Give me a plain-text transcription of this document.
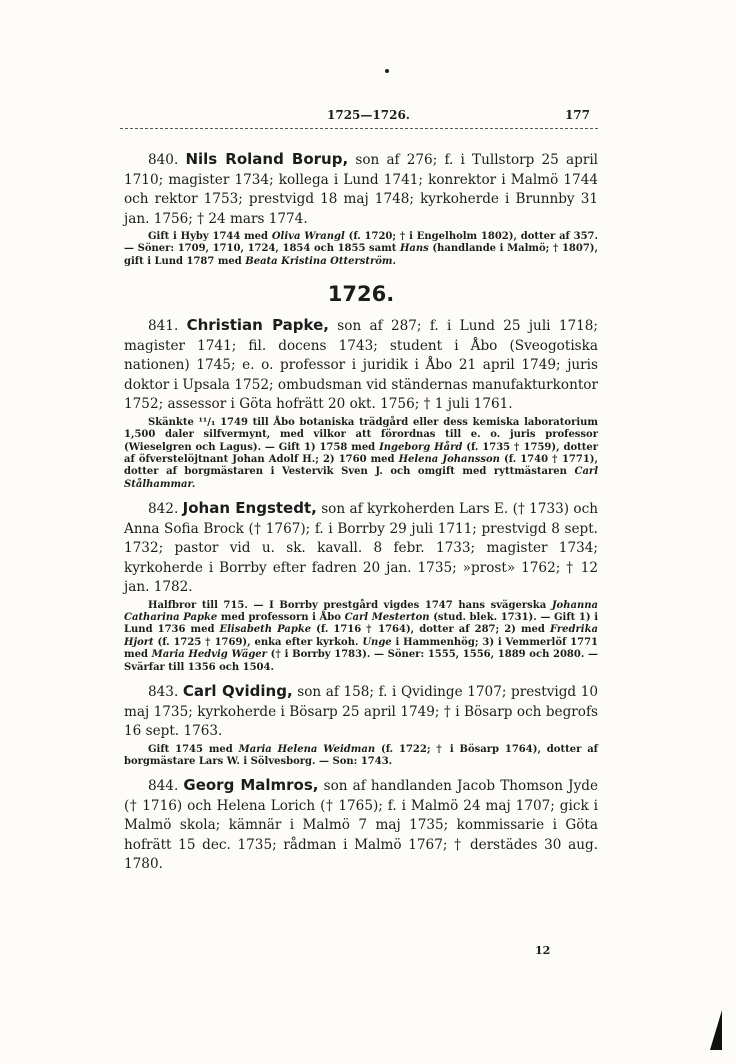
1725—1726.	177

840. Nils Roland Borup, son af 276; f. i Tullstorp 25 april 1710; magister 1734; kollega i Lund 1741; konrektor i Malmö 1744 och rektor 1753; prestvigd 18 maj 1748; kyrkoherde i Brunnby 31 jan. 1756; † 24 mars 1774.

Gift i Hyby 1744 med Oliva Wrangl (f. 1720; † i Engelholm 1802), dotter af 357. — Söner: 1709, 1710, 1724, 1854 och 1855 samt Hans (handlande i Malmö; † 1807), gift i Lund 1787 med Beata Kristina Otterström.

1726.

841. Christian Papke, son af 287; f. i Lund 25 juli 1718; magister 1741; fil. docens 1743; student i Åbo (Sveogotiska nationen) 1745; e. o. professor i juridik i Åbo 21 april 1749; juris doktor i Upsala 1752; ombudsman vid ständernas manufakturkontor 1752; assessor i Göta hofrätt 20 okt. 1756; † 1 juli 1761.

Skänkte ¹¹/₁ 1749 till Åbo botaniska trädgård eller dess kemiska laboratorium 1,500 daler silfvermynt, med vilkor att förordnas till e. o. juris professor (Wieselgren och Lagus). — Gift 1) 1758 med Ingeborg Hård (f. 1735 † 1759), dotter af öfverstelöjtnant Johan Adolf H.; 2) 1760 med Helena Johansson (f. 1740 † 1771), dotter af borgmästaren i Vestervik Sven J. och omgift med ryttmästaren Carl Stålhammar.

842. Johan Engstedt, son af kyrkoherden Lars E. († 1733) och Anna Sofia Brock († 1767); f. i Borrby 29 juli 1711; prestvigd 8 sept. 1732; pastor vid u. sk. kavall. 8 febr. 1733; magister 1734; kyrkoherde i Borrby efter fadren 20 jan. 1735; »prost» 1762; † 12 jan. 1782.

Halfbror till 715. — I Borrby prestgård vigdes 1747 hans svägerska Johanna Catharina Papke med professorn i Åbo Carl Mesterton (stud. blek. 1731). — Gift 1) i Lund 1736 med Elisabeth Papke (f. 1716 † 1764), dotter af 287; 2) med Fredrika Hjort (f. 1725 † 1769), enka efter kyrkoh. Unge i Hammenhög; 3) i Vemmerlöf 1771 med Maria Hedvig Wäger († i Borrby 1783). — Söner: 1555, 1556, 1889 och 2080. — Svärfar till 1356 och 1504.

843. Carl Qviding, son af 158; f. i Qvidinge 1707; prestvigd 10 maj 1735; kyrkoherde i Bösarp 25 april 1749; † i Bösarp och begrofs 16 sept. 1763.

Gift 1745 med Maria Helena Weidman (f. 1722; † i Bösarp 1764), dotter af borgmästare Lars W. i Sölvesborg. — Son: 1743.

844. Georg Malmros, son af handlanden Jacob Thomson Jyde († 1716) och Helena Lorich († 1765); f. i Malmö 24 maj 1707; gick i Malmö skola; kämnär i Malmö 7 maj 1735; kommissarie i Göta hofrätt 15 dec. 1735; rådman i Malmö 1767; † derstädes 30 aug. 1780.

12
